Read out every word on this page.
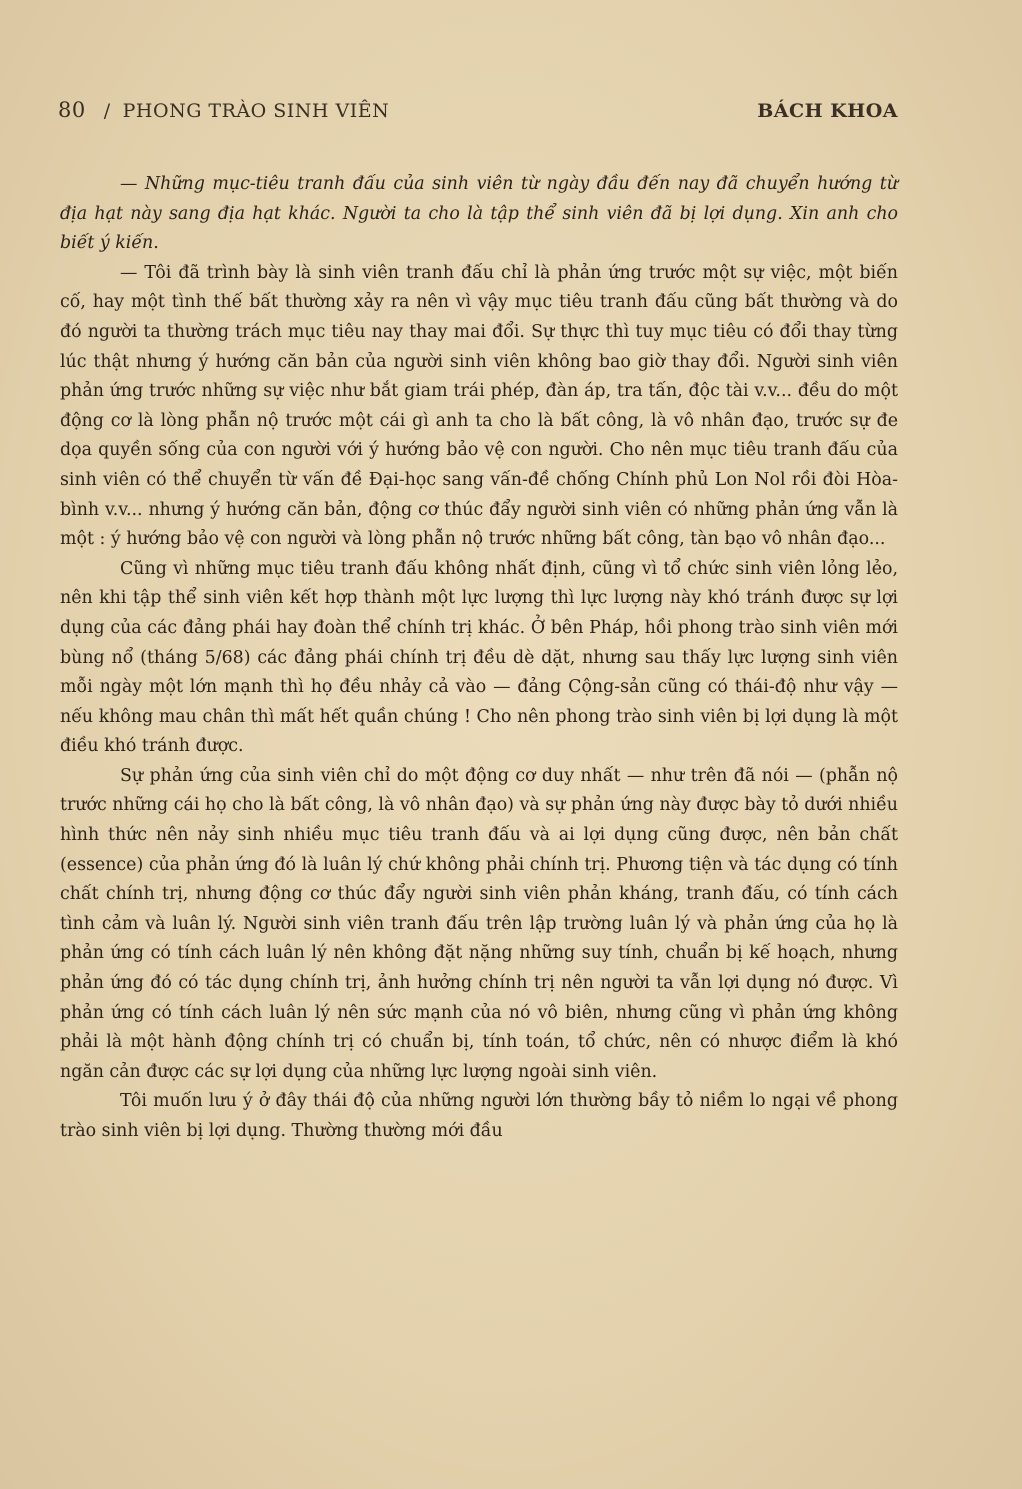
80 / PHONG TRÀO SINH VIÊN	BÁCH KHOA

— Những mục-tiêu tranh đấu của sinh viên từ ngày đầu đến nay đã chuyển hướng từ địa hạt này sang địa hạt khác. Người ta cho là tập thể sinh viên đã bị lợi dụng. Xin anh cho biết ý kiến.

— Tôi đã trình bày là sinh viên tranh đấu chỉ là phản ứng trước một sự việc, một biến cố, hay một tình thế bất thường xảy ra nên vì vậy mục tiêu tranh đấu cũng bất thường và do đó người ta thường trách mục tiêu nay thay mai đổi. Sự thực thì tuy mục tiêu có đổi thay từng lúc thật nhưng ý hướng căn bản của người sinh viên không bao giờ thay đổi. Người sinh viên phản ứng trước những sự việc như bắt giam trái phép, đàn áp, tra tấn, độc tài v.v... đều do một động cơ là lòng phẫn nộ trước một cái gì anh ta cho là bất công, là vô nhân đạo, trước sự đe dọa quyền sống của con người với ý hướng bảo vệ con người. Cho nên mục tiêu tranh đấu của sinh viên có thể chuyển từ vấn đề Đại-học sang vấn-đề chống Chính phủ Lon Nol rồi đòi Hòa-bình v.v... nhưng ý hướng căn bản, động cơ thúc đẩy người sinh viên có những phản ứng vẫn là một : ý hướng bảo vệ con người và lòng phẫn nộ trước những bất công, tàn bạo vô nhân đạo...

Cũng vì những mục tiêu tranh đấu không nhất định, cũng vì tổ chức sinh viên lỏng lẻo, nên khi tập thể sinh viên kết hợp thành một lực lượng thì lực lượng này khó tránh được sự lợi dụng của các đảng phái hay đoàn thể chính trị khác. Ở bên Pháp, hồi phong trào sinh viên mới bùng nổ (tháng 5/68) các đảng phái chính trị đều dè dặt, nhưng sau thấy lực lượng sinh viên mỗi ngày một lớn mạnh thì họ đều nhảy cả vào — đảng Cộng-sản cũng có thái-độ như vậy — nếu không mau chân thì mất hết quần chúng ! Cho nên phong trào sinh viên bị lợi dụng là một điều khó tránh được.

Sự phản ứng của sinh viên chỉ do một động cơ duy nhất — như trên đã nói — (phẫn nộ trước những cái họ cho là bất công, là vô nhân đạo) và sự phản ứng này được bày tỏ dưới nhiều hình thức nên nảy sinh nhiều mục tiêu tranh đấu và ai lợi dụng cũng được, nên bản chất (essence) của phản ứng đó là luân lý chứ không phải chính trị. Phương tiện và tác dụng có tính chất chính trị, nhưng động cơ thúc đẩy người sinh viên phản kháng, tranh đấu, có tính cách tình cảm và luân lý. Người sinh viên tranh đấu trên lập trường luân lý và phản ứng của họ là phản ứng có tính cách luân lý nên không đặt nặng những suy tính, chuẩn bị kế hoạch, nhưng phản ứng đó có tác dụng chính trị, ảnh hưởng chính trị nên người ta vẫn lợi dụng nó được. Vì phản ứng có tính cách luân lý nên sức mạnh của nó vô biên, nhưng cũng vì phản ứng không phải là một hành động chính trị có chuẩn bị, tính toán, tổ chức, nên có nhược điểm là khó ngăn cản được các sự lợi dụng của những lực lượng ngoài sinh viên.

Tôi muốn lưu ý ở đây thái độ của những người lớn thường bầy tỏ niềm lo ngại về phong trào sinh viên bị lợi dụng. Thường thường mới đầu
